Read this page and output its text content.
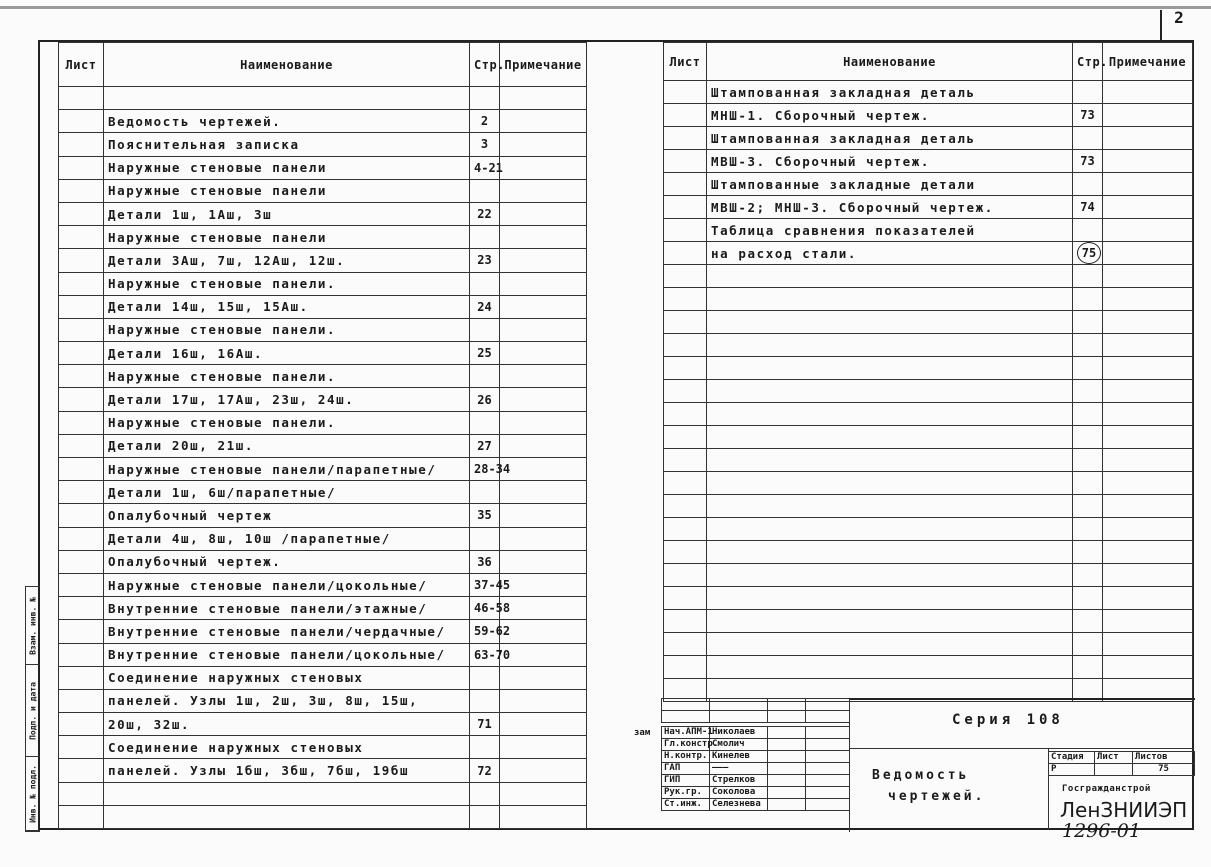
2
Лист	Наименование	Стр.	Примечание

	Ведомость чертежей.	2	
	Пояснительная записка	3	
	Наружные стеновые панели	4-21	
	Наружные стеновые панели		
	Детали 1ш, 1Аш, 3ш	22	
	Наружные стеновые панели		
	Детали 3Аш, 7ш, 12Аш, 12ш.	23	
	Наружные стеновые панели.		
	Детали 14ш, 15ш, 15Аш.	24	
	Наружные стеновые панели.		
	Детали 16ш, 16Аш.	25	
	Наружные стеновые панели.		
	Детали 17ш, 17Аш, 23ш, 24ш.	26	
	Наружные стеновые панели.		
	Детали 20ш, 21ш.	27	
	Наружные стеновые панели/парапетные/	28-34	
	Детали 1ш, 6ш/парапетные/		
	Опалубочный чертеж	35	
	Детали 4ш, 8ш, 10ш /парапетные/		
	Опалубочный чертеж.	36	
	Наружные стеновые панели/цокольные/	37-45	
	Внутренние стеновые панели/этажные/	46-58	
	Внутренние стеновые панели/чердачные/	59-62	
	Внутренние стеновые панели/цокольные/	63-70	
	Соединение наружных стеновых		
	панелей. Узлы 1ш, 2ш, 3ш, 8ш, 15ш,		
	20ш, 32ш.	71	
	Соединение наружных стеновых		
	панелей. Узлы 1бш, 3бш, 7бш, 19бш	72	

Лист	Наименование	Стр.	Примечание
	Штампованная закладная деталь		
	МНШ-1. Сборочный чертеж.	73	
	Штампованная закладная деталь		
	МВШ-3. Сборочный чертеж.	73	
	Штампованные закладные детали		
	МВШ-2; МНШ-3. Сборочный чертеж.	74	
	Таблица сравнения показателей		
	на расход стали.	75	

Взам. инв. №
Подп. и дата
Инв. № подл.
зам Нач.АПМ-1	Николаев		
Гл.констр.	Смолич		
Н.контр.	Кинелев		
ГАП	———		
ГИП	Стрелков		
Рук.гр.	Соколова		
Ст.инж.	Селезнева		

Серия 108
Ведомость
чертежей.
Стадия	Лист	Листов
Р		75
Госгражданстрой
ЛенЗНИИЭП
1296-01
